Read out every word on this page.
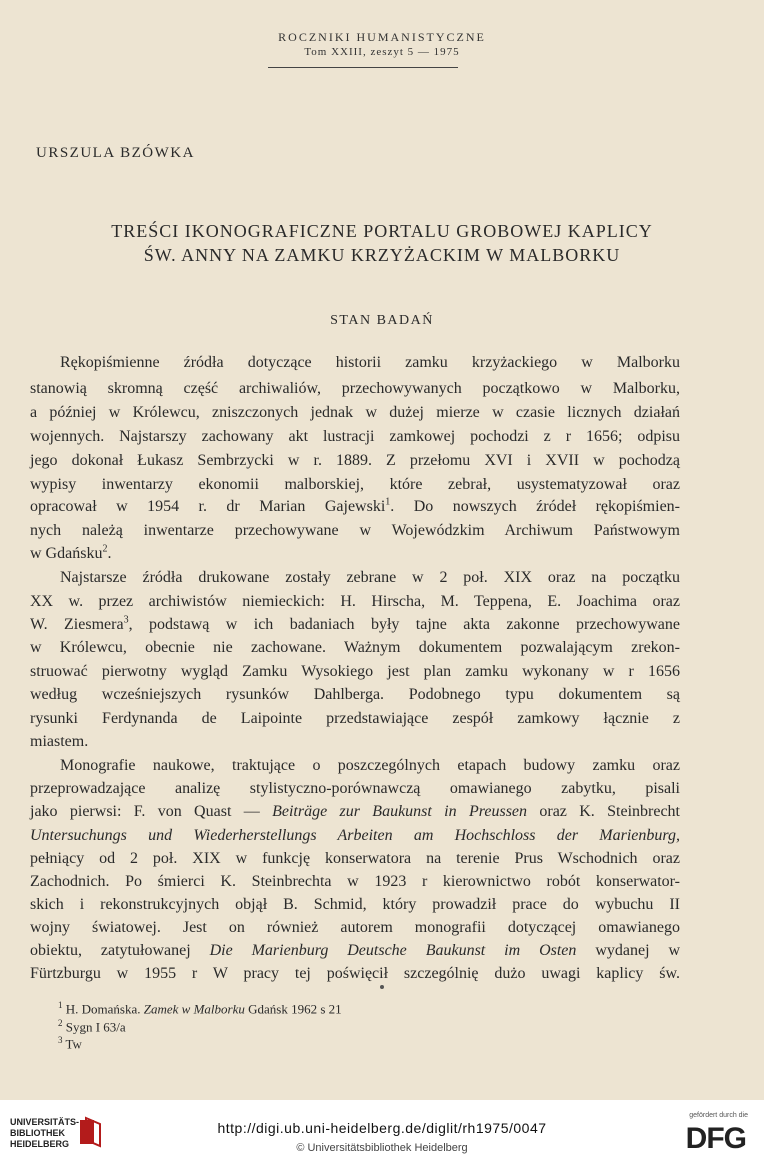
ROCZNIKI HUMANISTYCZNE
Tom XXIII, zeszyt 5 — 1975
URSZULA BZÓWKA
TREŚCI IKONOGRAFICZNE PORTALU GROBOWEJ KAPLICY
ŚW. ANNY NA ZAMKU KRZYŻACKIM W MALBORKU
STAN BADAŃ
Rękopiśmienne źródła dotyczące historii zamku krzyżackiego w Malborku
stanowią skromną część archiwaliów, przechowywanych początkowo w Malborku,
a później w Królewcu, zniszczonych jednak w dużej mierze w czasie licznych działań
wojennych. Najstarszy zachowany akt lustracji zamkowej pochodzi z r 1656; odpisu
jego dokonał Łukasz Sembrzycki w r. 1889. Z przełomu XVI i XVII w pochodzą
wypisy inwentarzy ekonomii malborskiej, które zebrał, usystematyzował oraz
opracował w 1954 r. dr Marian Gajewski$^1$. Do nowszych źródeł rękopiśmien-
nych należą inwentarze przechowywane w Wojewódzkim Archiwum Państwowym
w Gdańsku$^2$.
Najstarsze źródła drukowane zostały zebrane w 2 poł. XIX oraz na początku
XX w. przez archiwistów niemieckich: H. Hirscha, M. Teppena, E. Joachima oraz
W. Ziesmera$^3$, podstawą w ich badaniach były tajne akta zakonne przechowywane
w Królewcu, obecnie nie zachowane. Ważnym dokumentem pozwalającym zrekon-
struować pierwotny wygląd Zamku Wysokiego jest plan zamku wykonany w r 1656
według wcześniejszych rysunków Dahlberga. Podobnego typu dokumentem są
rysunki Ferdynanda de Laipointe przedstawiające zespół zamkowy łącznie z
miastem.
Monografie naukowe, traktujące o poszczególnych etapach budowy zamku oraz
przeprowadzające analizę stylistyczno-porównawczą omawianego zabytku, pisali
jako pierwsi: F. von Quast — Beiträge zur Baukunst in Preussen oraz K. Steinbrecht
Untersuchungs und Wiederherstellungs Arbeiten am Hochschloss der Marienburg,
pełniący od 2 poł. XIX w funkcję konserwatora na terenie Prus Wschodnich oraz
Zachodnich. Po śmierci K. Steinbrechta w 1923 r kierownictwo robót konserwator-
skich i rekonstrukcyjnych objął B. Schmid, który prowadził prace do wybuchu II
wojny światowej. Jest on również autorem monografii dotyczącej omawianego
obiektu, zatytułowanej Die Marienburg Deutsche Baukunst im Osten wydanej w
Fürtzburgu w 1955 r W pracy tej poświęcił szczególnię dużo uwagi kaplicy św.
$^1$ H. Domańska. Zamek w Malborku Gdańsk 1962 s 21
$^2$ Sygn I 63/a
$^3$ Tw
UNIVERSITÄTS-
BIBLIOTHEK
HEIDELBERG
http://digi.ub.uni-heidelberg.de/diglit/rh1975/0047
© Universitätsbibliothek Heidelberg
gefördert durch die
DFG
